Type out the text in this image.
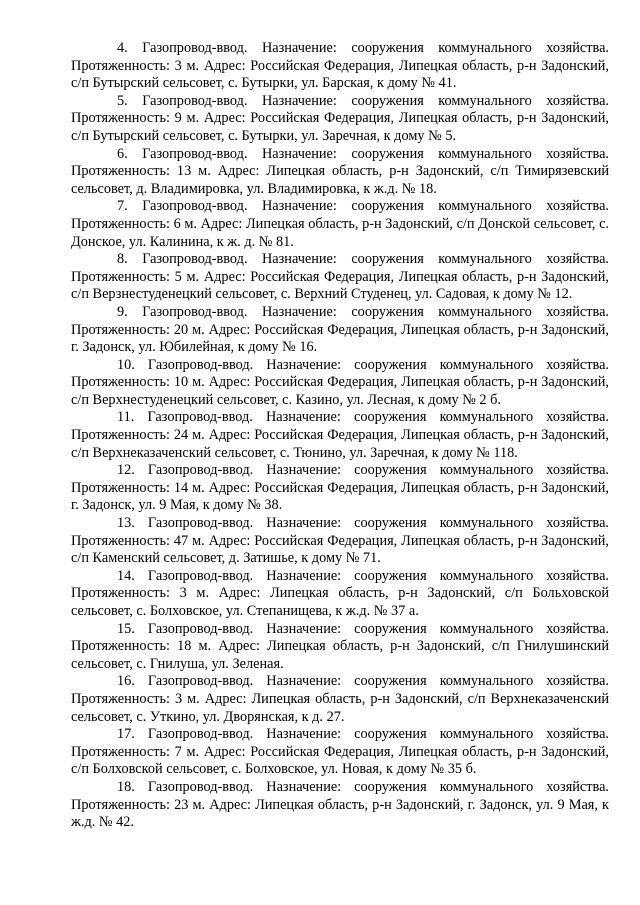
4 . Газопровод-ввод. Назначение: сооружения коммунального хозяйства. Протяженность: 3 м. Адрес: Российская Федерация, Липецкая область, р-н Задонский, с/п Бутырский сельсовет, с. Бутырки, ул. Барская, к дому № 41.

5 . Газопровод-ввод. Назначение: сооружения коммунального хозяйства. Протяженность: 9 м. Адрес: Российская Федерация, Липецкая область, р-н Задонский, с/п Бутырский сельсовет, с. Бутырки, ул. Заречная, к дому № 5.

6 . Газопровод-ввод. Назначение: сооружения коммунального хозяйства. Протяженность: 13 м. Адрес: Липецкая область, р-н Задонский, с/п Тимирязевский сельсовет, д. Владимировка, ул. Владимировка, к ж.д. № 18.

7 . Газопровод-ввод. Назначение: сооружения коммунального хозяйства. Протяженность: 6 м. Адрес: Липецкая область, р-н Задонский, с/п Донской сельсовет, с. Донское, ул. Калинина, к ж. д. № 81.

8 . Газопровод-ввод. Назначение: сооружения коммунального хозяйства. Протяженность: 5 м. Адрес: Российская Федерация, Липецкая область, р-н Задонский, с/п Верзнестуденецкий сельсовет, с. Верхний Студенец, ул. Садовая, к дому № 12.

9 . Газопровод-ввод. Назначение: сооружения коммунального хозяйства. Протяженность: 20 м. Адрес: Российская Федерация, Липецкая область, р-н Задонский, г. Задонск, ул. Юбилейная, к дому № 16.

10 . Газопровод-ввод. Назначение: сооружения коммунального хозяйства. Протяженность: 10 м. Адрес: Российская Федерация, Липецкая область, р-н Задонский, с/п Верхнестуденецкий сельсовет, с. Казино, ул. Лесная, к дому № 2 б.

11 . Газопровод-ввод. Назначение: сооружения коммунального хозяйства. Протяженность: 24 м. Адрес: Российская Федерация, Липецкая область, р-н Задонский, с/п Верхнеказаченский сельсовет, с. Тюнино, ул. Заречная, к дому № 118.

12 . Газопровод-ввод. Назначение: сооружения коммунального хозяйства. Протяженность: 14 м. Адрес: Российская Федерация, Липецкая область, р-н Задонский, г. Задонск, ул. 9 Мая, к дому № 38.

13 . Газопровод-ввод. Назначение: сооружения коммунального хозяйства. Протяженность: 47 м. Адрес: Российская Федерация, Липецкая область, р-н Задонский, с/п Каменский сельсовет, д. Затишье, к дому № 71.

14 . Газопровод-ввод. Назначение: сооружения коммунального хозяйства. Протяженность: 3 м. Адрес: Липецкая область, р-н Задонский, с/п Больховской сельсовет, с. Болховское, ул. Степанищева, к ж.д. № 37 а.

15 . Газопровод-ввод. Назначение: сооружения коммунального хозяйства. Протяженность: 18 м. Адрес: Липецкая область, р-н Задонский, с/п Гнилушинский сельсовет, с. Гнилуша, ул. Зеленая.

16 . Газопровод-ввод. Назначение: сооружения коммунального хозяйства. Протяженность: 3 м. Адрес: Липецкая область, р-н Задонский, с/п Верхнеказаченский сельсовет, с. Уткино, ул. Дворянская, к д. 27.

17 . Газопровод-ввод. Назначение: сооружения коммунального хозяйства. Протяженность: 7 м. Адрес: Российская Федерация, Липецкая область, р-н Задонский, с/п Болховской сельсовет, с. Болховское, ул. Новая, к дому № 35 б.

18 . Газопровод-ввод. Назначение: сооружения коммунального хозяйства. Протяженность: 23 м. Адрес: Липецкая область, р-н Задонский, г. Задонск, ул. 9 Мая, к ж.д. № 42.
